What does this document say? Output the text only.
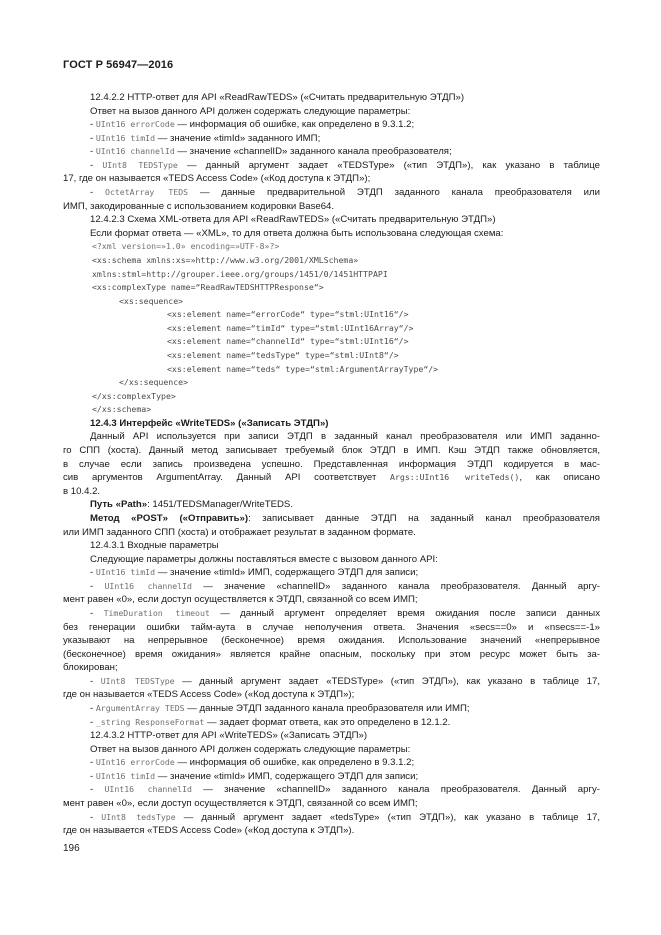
ГОСТ Р 56947—2016
12.4.2.2 HTTP-ответ для API «ReadRawTEDS» («Считать предварительную ЭТДП»)
Ответ на вызов данного API должен содержать следующие параметры:
- UInt16 errorCode — информация об ошибке, как определено в 9.3.1.2;
- UInt16 timId — значение «timId» заданного ИМП;
- UInt16 channelId — значение «channelID» заданного канала преобразователя;
- UInt8 TEDSType — данный аргумент задает «TEDSType» («тип ЭТДП»), как указано в таблице
17, где он называется «TEDS Access Code» («Код доступа к ЭТДП»);
- OctetArray TEDS — данные предварительной ЭТДП заданного канала преобразователя или
ИМП, закодированные с использованием кодировки Base64.
12.4.2.3 Схема XML-ответа для API «ReadRawTEDS» («Считать предварительную ЭТДП»)
Если формат ответа — «XML», то для ответа должна быть использована следующая схема:
<?xml version=»1.0» encoding=»UTF-8»?>
<xs:schema xmlns:xs=»http://www.w3.org/2001/XMLSchema»
xmlns:stml=http://grouper.ieee.org/groups/1451/0/1451HTTPAPI
<xs:complexType name=“ReadRawTEDSHTTPResponse“>
<xs:sequence>
<xs:element name=“errorCode“ type=“stml:UInt16“/>
<xs:element name=“timId“ type=“stml:UInt16Array“/>
<xs:element name=“channelId“ type=“stml:UInt16“/>
<xs:element name=“tedsType“ type=“stml:UInt8“/>
<xs:element name=“teds“ type=“stml:ArgumentArrayType“/>
</xs:sequence>
</xs:complexType>
</xs:schema>
12.4.3 Интерфейс «WriteTEDS» («Записать ЭТДП»)
Данный API используется при записи ЭТДП в заданный канал преобразователя или ИМП заданно-
го СПП (хоста). Данный метод записывает требуемый блок ЭТДП в ИМП. Кэш ЭТДП также обновляется,
в случае если запись произведена успешно. Представленная информация ЭТДП кодируется в мас-
сив аргументов ArgumentArray. Данный API соответствует Args::UInt16 writeTeds(), как описано
в 10.4.2.
Путь «Path»: 1451/TEDSManager/WriteTEDS.
Метод «POST» («Отправить»): записывает данные ЭТДП на заданный канал преобразователя
или ИМП заданного СПП (хоста) и отображает результат в заданном формате.
12.4.3.1 Входные параметры
Следующие параметры должны поставляться вместе с вызовом данного API:
- UInt16 timId — значение «timId» ИМП, содержащего ЭТДП для записи;
- UInt16 channelId — значение «channelID» заданного канала преобразователя. Данный аргу-
мент равен «0», если доступ осуществляется к ЭТДП, связанной со всем ИМП;
- TimeDuration timeout — данный аргумент определяет время ожидания после записи данных
без генерации ошибки тайм-аута в случае неполучения ответа. Значения «secs==0» и «nsecs==-1»
указывают на непрерывное (бесконечное) время ожидания. Использование значений «непрерывное
(бесконечное) время ожидания» является крайне опасным, поскольку при этом ресурс может быть за-
блокирован;
- UInt8 TEDSType — данный аргумент задает «TEDSType» («тип ЭТДП»), как указано в таблице 17,
где он называется «TEDS Access Code» («Код доступа к ЭТДП»);
- ArgumentArray TEDS — данные ЭТДП заданного канала преобразователя или ИМП;
- _string ResponseFormat — задает формат ответа, как это определено в 12.1.2.
12.4.3.2 HTTP-ответ для API «WriteTEDS» («Записать ЭТДП»)
Ответ на вызов данного API должен содержать следующие параметры:
- UInt16 errorCode — информация об ошибке, как определено в 9.3.1.2;
- UInt16 timId — значение «timId» ИМП, содержащего ЭТДП для записи;
- UInt16 channelId — значение «channelID» заданного канала преобразователя. Данный аргу-
мент равен «0», если доступ осуществляется к ЭТДП, связанной со всем ИМП;
- UInt8 tedsType — данный аргумент задает «tedsType» («тип ЭТДП»), как указано в таблице 17,
где он называется «TEDS Access Code» («Код доступа к ЭТДП»).
196
